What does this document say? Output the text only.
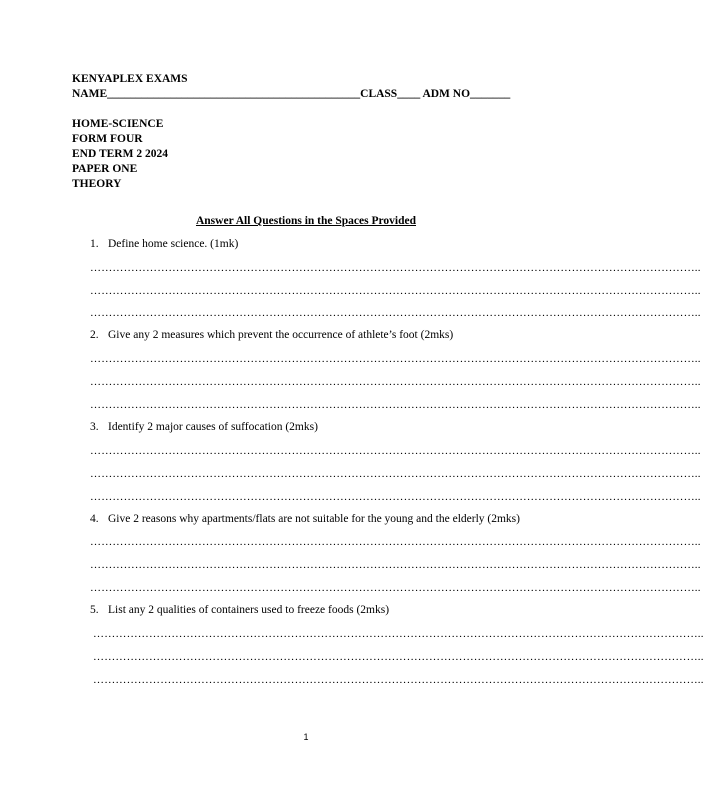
KENYAPLEX EXAMS
NAME____________________________________________CLASS____ ADM NO_______
HOME-SCIENCE
FORM FOUR
END TERM 2 2024
PAPER ONE
THEORY
Answer All Questions in the Spaces Provided
1. Define home science. (1mk)
………………………………………………………………………………………………………………………………………………..
………………………………………………………………………………………………………………………………………………..
………………………………………………………………………………………………………………………………………………..
2. Give any 2 measures which prevent the occurrence of athlete’s foot (2mks)
………………………………………………………………………………………………………………………………………………..
………………………………………………………………………………………………………………………………………………..
………………………………………………………………………………………………………………………………………………..
3. Identify 2 major causes of suffocation (2mks)
………………………………………………………………………………………………………………………………………………..
………………………………………………………………………………………………………………………………………………..
………………………………………………………………………………………………………………………………………………..
4. Give 2 reasons why apartments/flats are not suitable for the young and the elderly (2mks)
………………………………………………………………………………………………………………………………………………..
………………………………………………………………………………………………………………………………………………..
………………………………………………………………………………………………………………………………………………..
5. List any 2 qualities of containers used to freeze foods (2mks)
………………………………………………………………………………………………………………………………………………..
………………………………………………………………………………………………………………………………………………..
………………………………………………………………………………………………………………………………………………..
1
